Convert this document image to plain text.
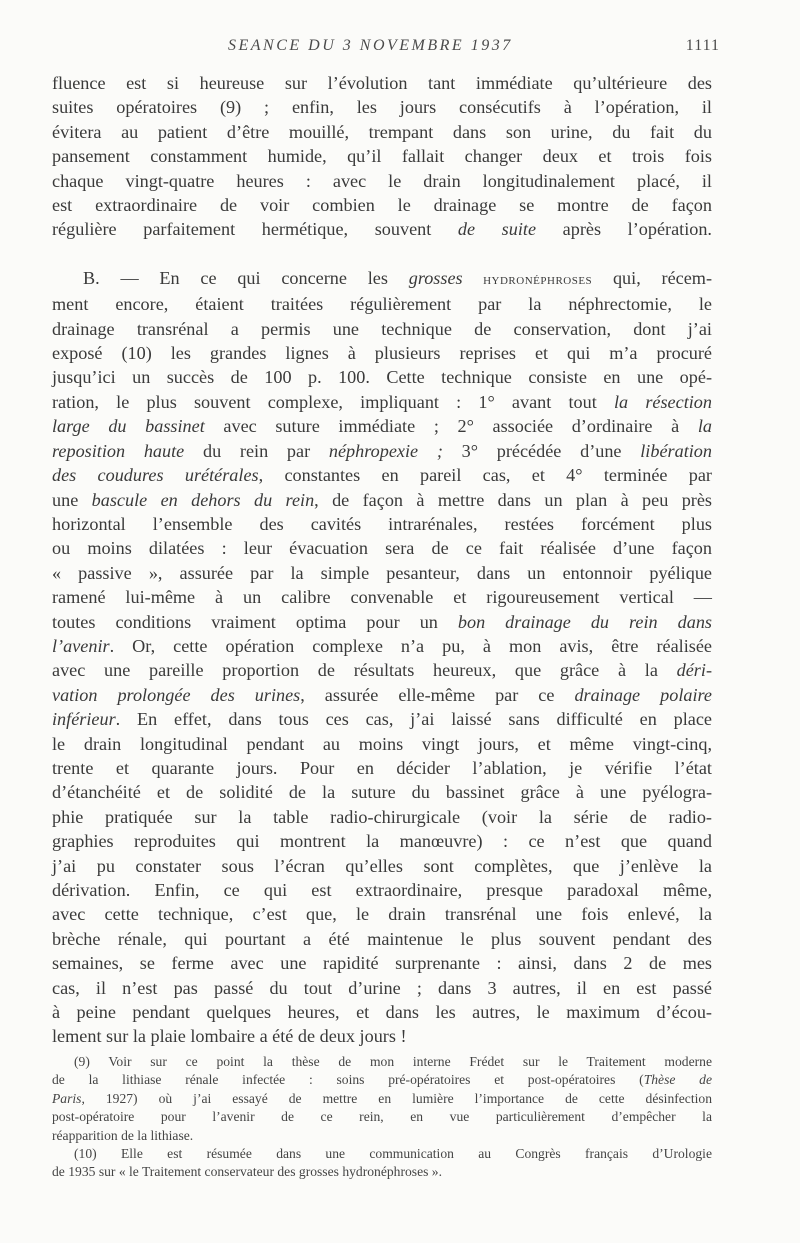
SEANCE DU 3 NOVEMBRE 1937	1111

fluence est si heureuse sur l’évolution tant immédiate qu’ultérieure des
suites opératoires (9) ; enfin, les jours consécutifs à l’opération, il
évitera au patient d’être mouillé, trempant dans son urine, du fait du
pansement constamment humide, qu’il fallait changer deux et trois fois
chaque vingt-quatre heures : avec le drain longitudinalement placé, il
est extraordinaire de voir combien le drainage se montre de façon
régulière parfaitement hermétique, souvent de suite après l’opération.

B. — En ce qui concerne les grosses hydronéphroses qui, récem-
ment encore, étaient traitées régulièrement par la néphrectomie, le
drainage transrénal a permis une technique de conservation, dont j’ai
exposé (10) les grandes lignes à plusieurs reprises et qui m’a procuré
jusqu’ici un succès de 100 p. 100. Cette technique consiste en une opé-
ration, le plus souvent complexe, impliquant : 1° avant tout la résection
large du bassinet avec suture immédiate ; 2° associée d’ordinaire à la
reposition haute du rein par néphropexie ; 3° précédée d’une libération
des coudures urétérales, constantes en pareil cas, et 4° terminée par
une bascule en dehors du rein, de façon à mettre dans un plan à peu près
horizontal l’ensemble des cavités intrarénales, restées forcément plus
ou moins dilatées : leur évacuation sera de ce fait réalisée d’une façon
« passive », assurée par la simple pesanteur, dans un entonnoir pyélique
ramené lui-même à un calibre convenable et rigoureusement vertical —
toutes conditions vraiment optima pour un bon drainage du rein dans
l’avenir. Or, cette opération complexe n’a pu, à mon avis, être réalisée
avec une pareille proportion de résultats heureux, que grâce à la déri-
vation prolongée des urines, assurée elle-même par ce drainage polaire
inférieur. En effet, dans tous ces cas, j’ai laissé sans difficulté en place
le drain longitudinal pendant au moins vingt jours, et même vingt-cinq,
trente et quarante jours. Pour en décider l’ablation, je vérifie l’état
d’étanchéité et de solidité de la suture du bassinet grâce à une pyélogra-
phie pratiquée sur la table radio-chirurgicale (voir la série de radio-
graphies reproduites qui montrent la manœuvre) : ce n’est que quand
j’ai pu constater sous l’écran qu’elles sont complètes, que j’enlève la
dérivation. Enfin, ce qui est extraordinaire, presque paradoxal même,
avec cette technique, c’est que, le drain transrénal une fois enlevé, la
brèche rénale, qui pourtant a été maintenue le plus souvent pendant des
semaines, se ferme avec une rapidité surprenante : ainsi, dans 2 de mes
cas, il n’est pas passé du tout d’urine ; dans 3 autres, il en est passé
à peine pendant quelques heures, et dans les autres, le maximum d’écou-
lement sur la plaie lombaire a été de deux jours !

(9) Voir sur ce point la thèse de mon interne Frédet sur le Traitement moderne
de la lithiase rénale infectée : soins pré-opératoires et post-opératoires (Thèse de
Paris, 1927) où j’ai essayé de mettre en lumière l’importance de cette désinfection
post-opératoire pour l’avenir de ce rein, en vue particulièrement d’empêcher la
réapparition de la lithiase.
(10) Elle est résumée dans une communication au Congrès français d’Urologie
de 1935 sur « le Traitement conservateur des grosses hydronéphroses ».
